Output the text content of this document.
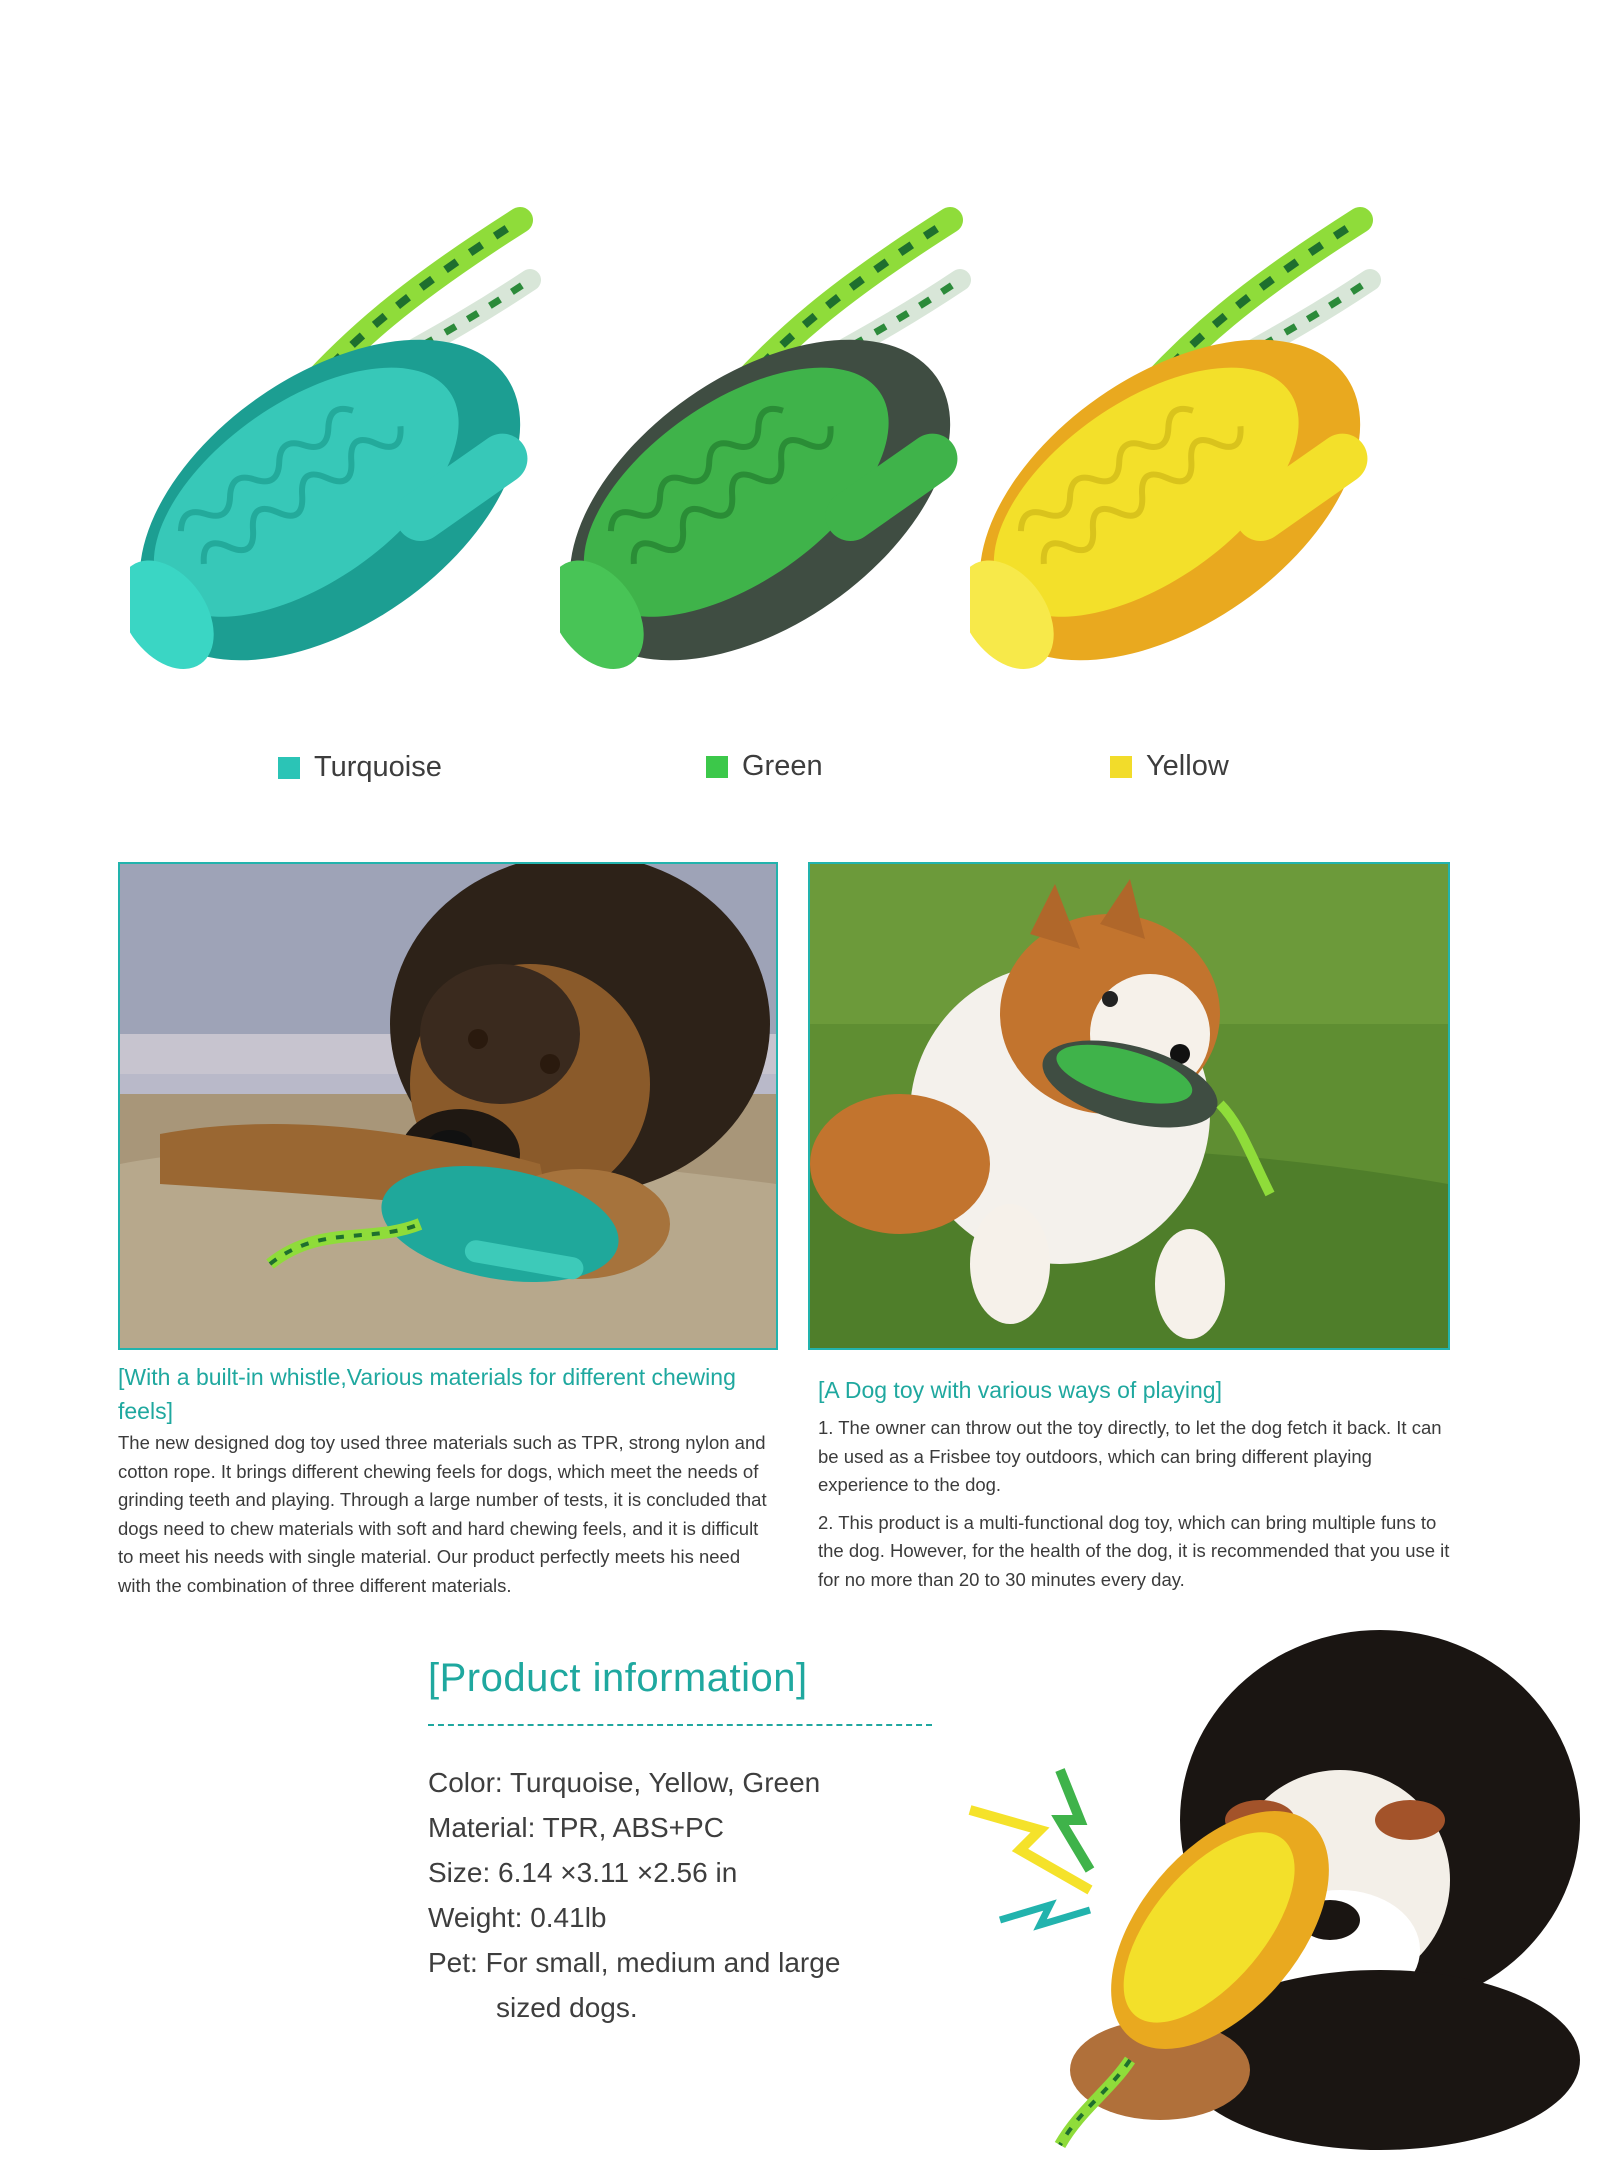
Turquoise	Green	Yellow
[With a built-in whistle,Various materials for different chewing feels]

The new designed dog toy used three materials such as TPR, strong nylon and cotton rope. It brings different chewing feels for dogs, which meet the needs of grinding teeth and playing. Through a large number of tests, it is concluded that dogs need to chew materials with soft and hard chewing feels, and it is difficult to meet his needs with single material. Our product perfectly meets his need with the combination of three different materials.

[A Dog toy with various ways of playing]

1. The owner can throw out the toy directly, to let the dog fetch it back. It can be used as a Frisbee toy outdoors, which can bring different playing experience to the dog.

2. This product is a multi-functional dog toy, which can bring multiple funs to the dog. However, for the health of the dog, it is recommended that you use it for no more than 20 to 30 minutes every day.

[Product information]
Color: Turquoise, Yellow, Green
Material: TPR, ABS+PC
Size: 6.14 ×3.11 ×2.56 in
Weight: 0.41lb
Pet: For small, medium and large
sized dogs.
